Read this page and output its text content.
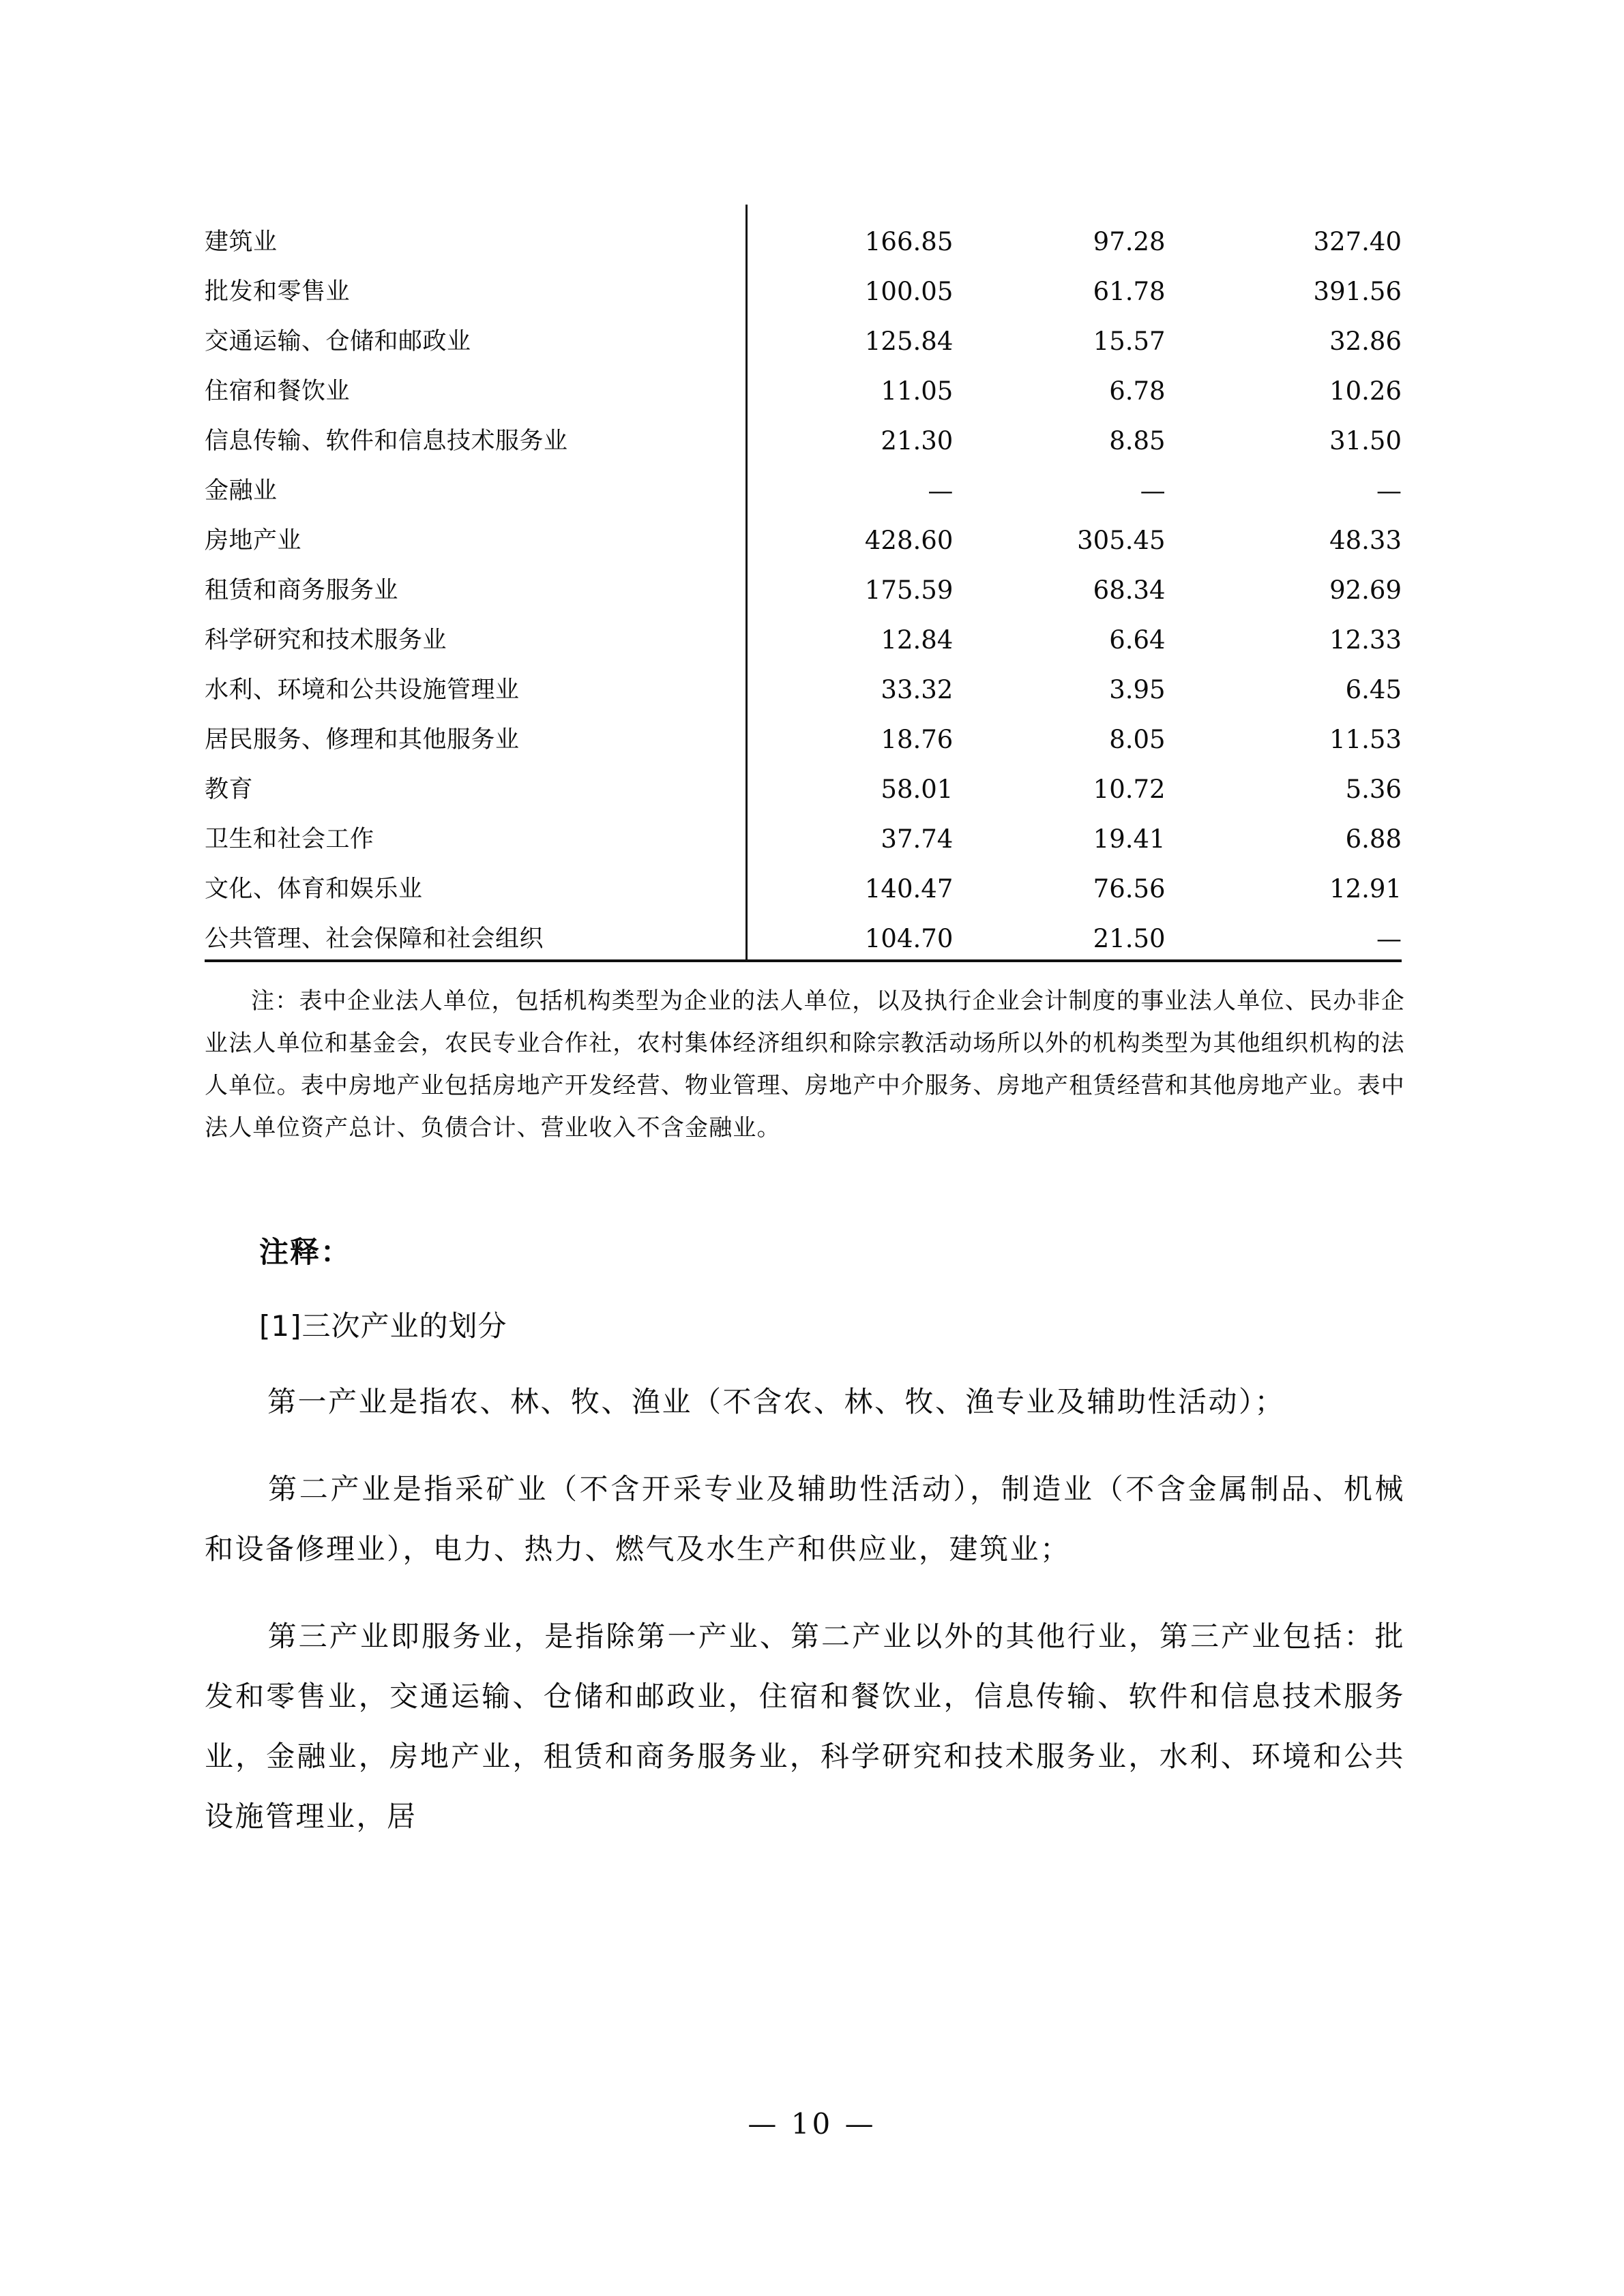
建筑业	166.85	97.28	327.40
批发和零售业	100.05	61.78	391.56
交通运输、仓储和邮政业	125.84	15.57	32.86
住宿和餐饮业	11.05	6.78	10.26
信息传输、软件和信息技术服务业	21.30	8.85	31.50
金融业	—	—	—
房地产业	428.60	305.45	48.33
租赁和商务服务业	175.59	68.34	92.69
科学研究和技术服务业	12.84	6.64	12.33
水利、环境和公共设施管理业	33.32	3.95	6.45
居民服务、修理和其他服务业	18.76	8.05	11.53
教育	58.01	10.72	5.36
卫生和社会工作	37.74	19.41	6.88
文化、体育和娱乐业	140.47	76.56	12.91
公共管理、社会保障和社会组织	104.70	21.50	—
注：表中企业法人单位，包括机构类型为企业的法人单位，以及执行企业会计制度的事业法人单位、民办非企业法人单位和基金会，农民专业合作社，农村集体经济组织和除宗教活动场所以外的机构类型为其他组织机构的法人单位。表中房地产业包括房地产开发经营、物业管理、房地产中介服务、房地产租赁经营和其他房地产业。表中法人单位资产总计、负债合计、营业收入不含金融业。
注释：
[1]三次产业的划分
第一产业是指农、林、牧、渔业（不含农、林、牧、渔专业及辅助性活动）；
第二产业是指采矿业（不含开采专业及辅助性活动），制造业（不含金属制品、机械和设备修理业），电力、热力、燃气及水生产和供应业，建筑业；
第三产业即服务业，是指除第一产业、第二产业以外的其他行业，第三产业包括：批发和零售业，交通运输、仓储和邮政业，住宿和餐饮业，信息传输、软件和信息技术服务业，金融业，房地产业，租赁和商务服务业，科学研究和技术服务业，水利、环境和公共设施管理业，居
— 10 —
